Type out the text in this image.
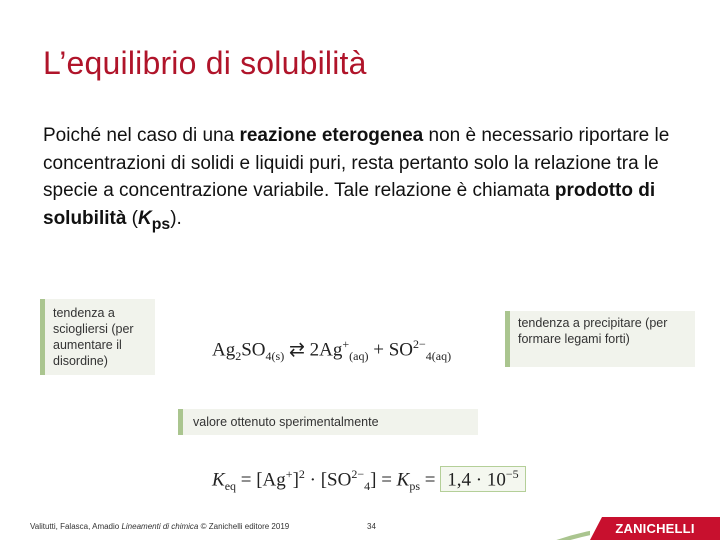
L’equilibrio di solubilità
Poiché nel caso di una reazione eterogenea non è necessario riportare le concentrazioni di solidi e liquidi puri, resta pertanto solo la relazione tra le specie a concentrazione variabile. Tale relazione è chiamata prodotto di solubilità $(K_{ps})$.
tendenza a sciogliersi (per aumentare il disordine)
tendenza a precipitare (per formare legami forti)
valore ottenuto sperimentalmente
$Ag_2SO_{4(s)}$ ⇄ $2Ag^+_{(aq)} + SO^{2-}_{4(aq)}$
$K_{eq} = [Ag^+]^2 \cdot [SO^{2-}_4] = K_{ps} = 1,4 \cdot 10^{-5}$
Valitutti, Falasca, Amadio Lineamenti di chimica © Zanichelli editore 2019	34	ZANICHELLI
